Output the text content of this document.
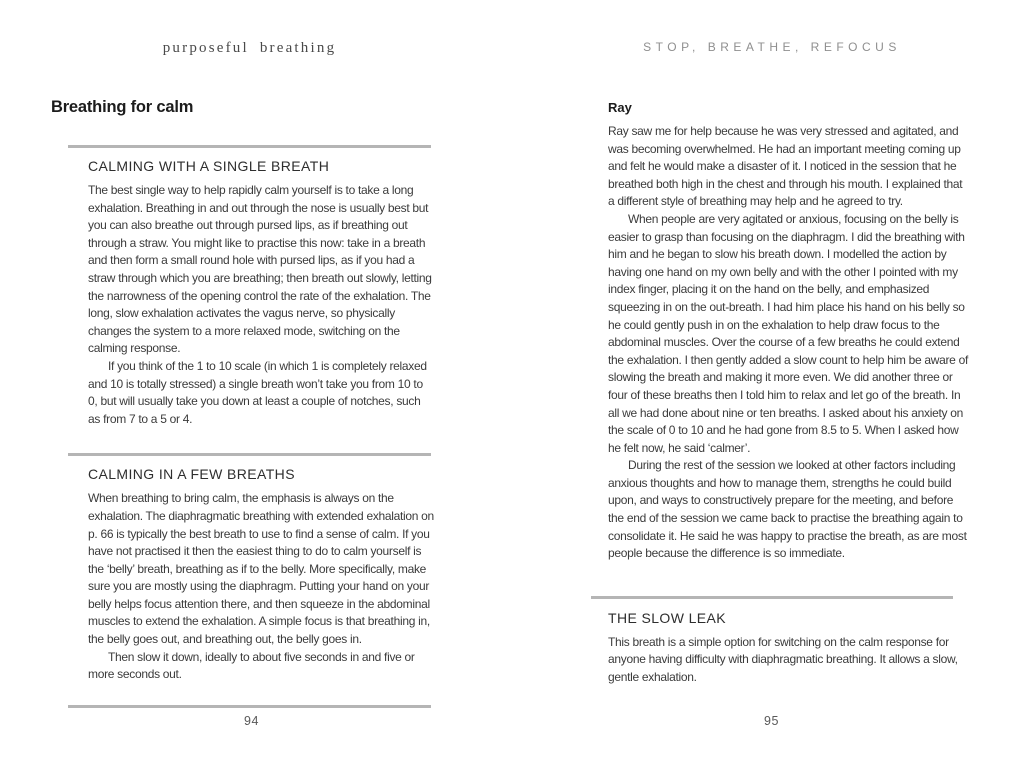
purposeful breathing
Breathing for calm
CALMING WITH A SINGLE BREATH

The best single way to help rapidly calm yourself is to take a long exhalation. Breathing in and out through the nose is usually best but you can also breathe out through pursed lips, as if breathing out through a straw. You might like to practise this now: take in a breath and then form a small round hole with pursed lips, as if you had a straw through which you are breathing; then breath out slowly, letting the narrowness of the opening control the rate of the exhalation. The long, slow exhalation activates the vagus nerve, so physically changes the system to a more relaxed mode, switching on the calming response.

If you think of the 1 to 10 scale (in which 1 is completely relaxed and 10 is totally stressed) a single breath won’t take you from 10 to 0, but will usually take you down at least a couple of notches, such as from 7 to a 5 or 4.

CALMING IN A FEW BREATHS

When breathing to bring calm, the emphasis is always on the exhalation. The diaphragmatic breathing with extended exhalation on p. 66 is typically the best breath to use to find a sense of calm. If you have not practised it then the easiest thing to do to calm yourself is the ‘belly’ breath, breathing as if to the belly. More specifically, make sure you are mostly using the diaphragm. Putting your hand on your belly helps focus attention there, and then squeeze in the abdominal muscles to extend the exhalation. A simple focus is that breathing in, the belly goes out, and breathing out, the belly goes in.

Then slow it down, ideally to about five seconds in and five or more seconds out.

STOP, BREATHE, REFOCUS
Ray

Ray saw me for help because he was very stressed and agitated, and was becoming overwhelmed. He had an important meeting coming up and felt he would make a disaster of it. I noticed in the session that he breathed both high in the chest and through his mouth. I explained that a different style of breathing may help and he agreed to try.

When people are very agitated or anxious, focusing on the belly is easier to grasp than focusing on the diaphragm. I did the breathing with him and he began to slow his breath down. I modelled the action by having one hand on my own belly and with the other I pointed with my index finger, placing it on the hand on the belly, and emphasized squeezing in on the out-breath. I had him place his hand on his belly so he could gently push in on the exhalation to help draw focus to the abdominal muscles. Over the course of a few breaths he could extend the exhalation. I then gently added a slow count to help him be aware of slowing the breath and making it more even. We did another three or four of these breaths then I told him to relax and let go of the breath. In all we had done about nine or ten breaths. I asked about his anxiety on the scale of 0 to 10 and he had gone from 8.5 to 5. When I asked how he felt now, he said ‘calmer’.

During the rest of the session we looked at other factors including anxious thoughts and how to manage them, strengths he could build upon, and ways to constructively prepare for the meeting, and before the end of the session we came back to practise the breathing again to consolidate it. He said he was happy to practise the breath, as are most people because the difference is so immediate.

THE SLOW LEAK

This breath is a simple option for switching on the calm response for anyone having difficulty with diaphragmatic breathing. It allows a slow, gentle exhalation.

94	95
